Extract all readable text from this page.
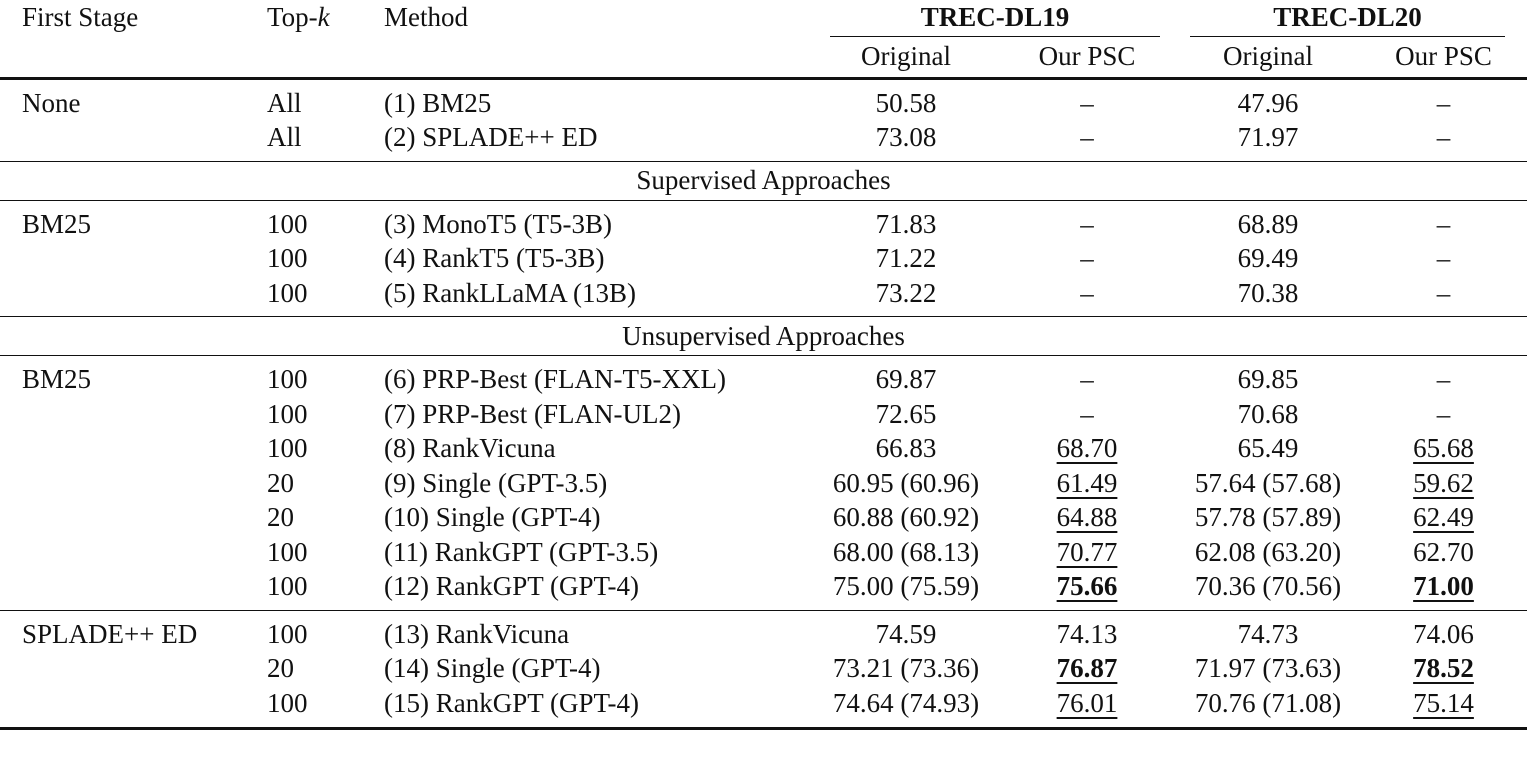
First Stage	Top-k	Method	TREC-DL19		TREC-DL20	

			Original	Our PSC	Original	Our PSC
None	All	(1) BM25	50.58	–	47.96	–
	All	(2) SPLADE++ ED	73.08	–	71.97	–
Supervised Approaches						
BM25	100	(3) MonoT5 (T5-3B)	71.83	–	68.89	–
	100	(4) RankT5 (T5-3B)	71.22	–	69.49	–
	100	(5) RankLLaMA (13B)	73.22	–	70.38	–
Unsupervised Approaches						
BM25	100	(6) PRP-Best (FLAN-T5-XXL)	69.87	–	69.85	–
	100	(7) PRP-Best (FLAN-UL2)	72.65	–	70.68	–
	100	(8) RankVicuna	66.83	68.70	65.49	65.68
	20	(9) Single (GPT-3.5)	60.95 (60.96)	61.49	57.64 (57.68)	59.62
	20	(10) Single (GPT-4)	60.88 (60.92)	64.88	57.78 (57.89)	62.49
	100	(11) RankGPT (GPT-3.5)	68.00 (68.13)	70.77	62.08 (63.20)	62.70
	100	(12) RankGPT (GPT-4)	75.00 (75.59)	75.66	70.36 (70.56)	71.00
SPLADE++ ED	100	(13) RankVicuna	74.59	74.13	74.73	74.06
	20	(14) Single (GPT-4)	73.21 (73.36)	76.87	71.97 (73.63)	78.52
	100	(15) RankGPT (GPT-4)	74.64 (74.93)	76.01	70.76 (71.08)	75.14
